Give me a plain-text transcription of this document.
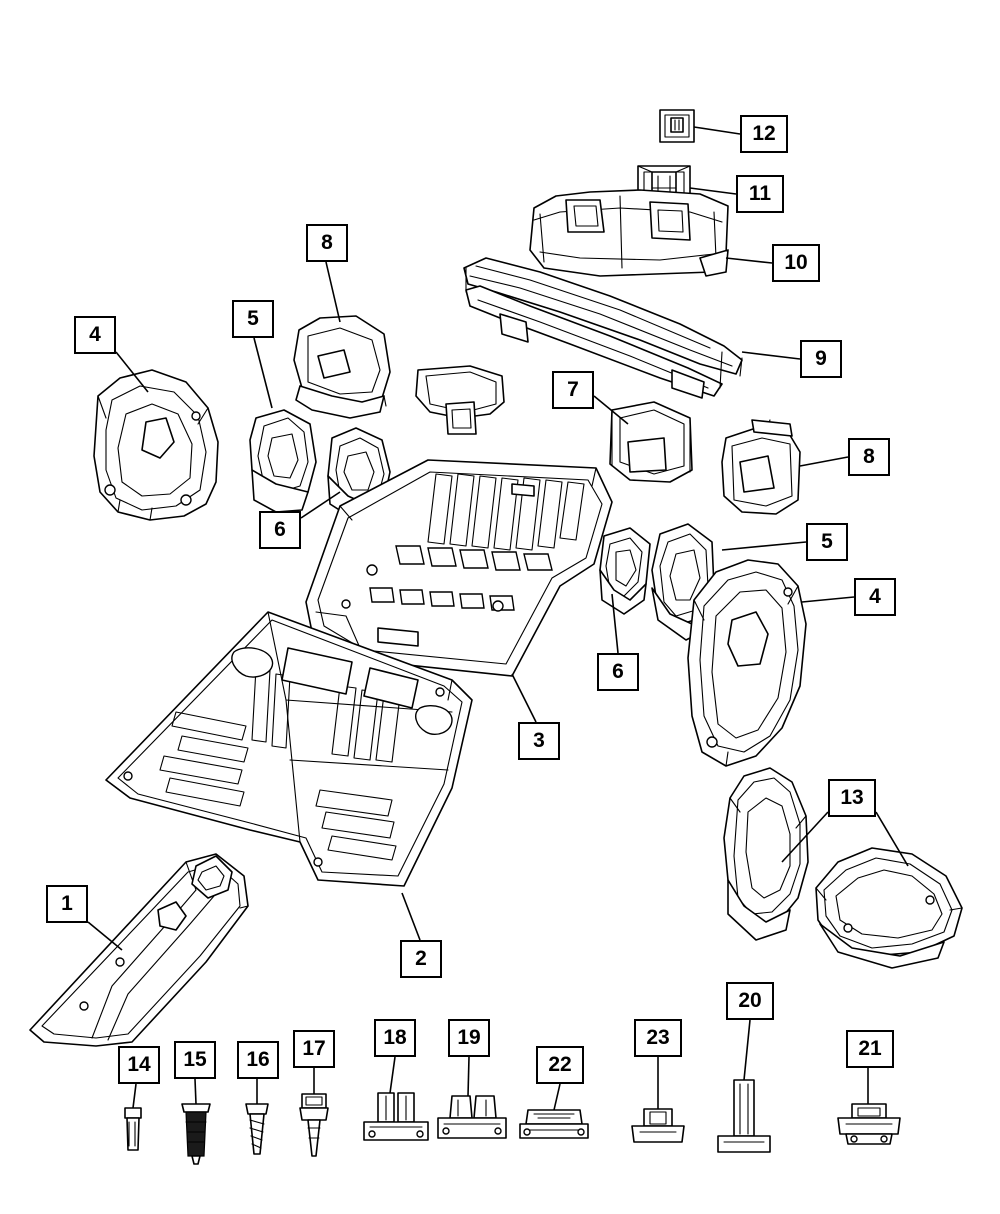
1
2
3
4
5
6
8
7
12
11
10
9
8
5
4
6
13
14 15 16 17	18 19
22
23
20
21
